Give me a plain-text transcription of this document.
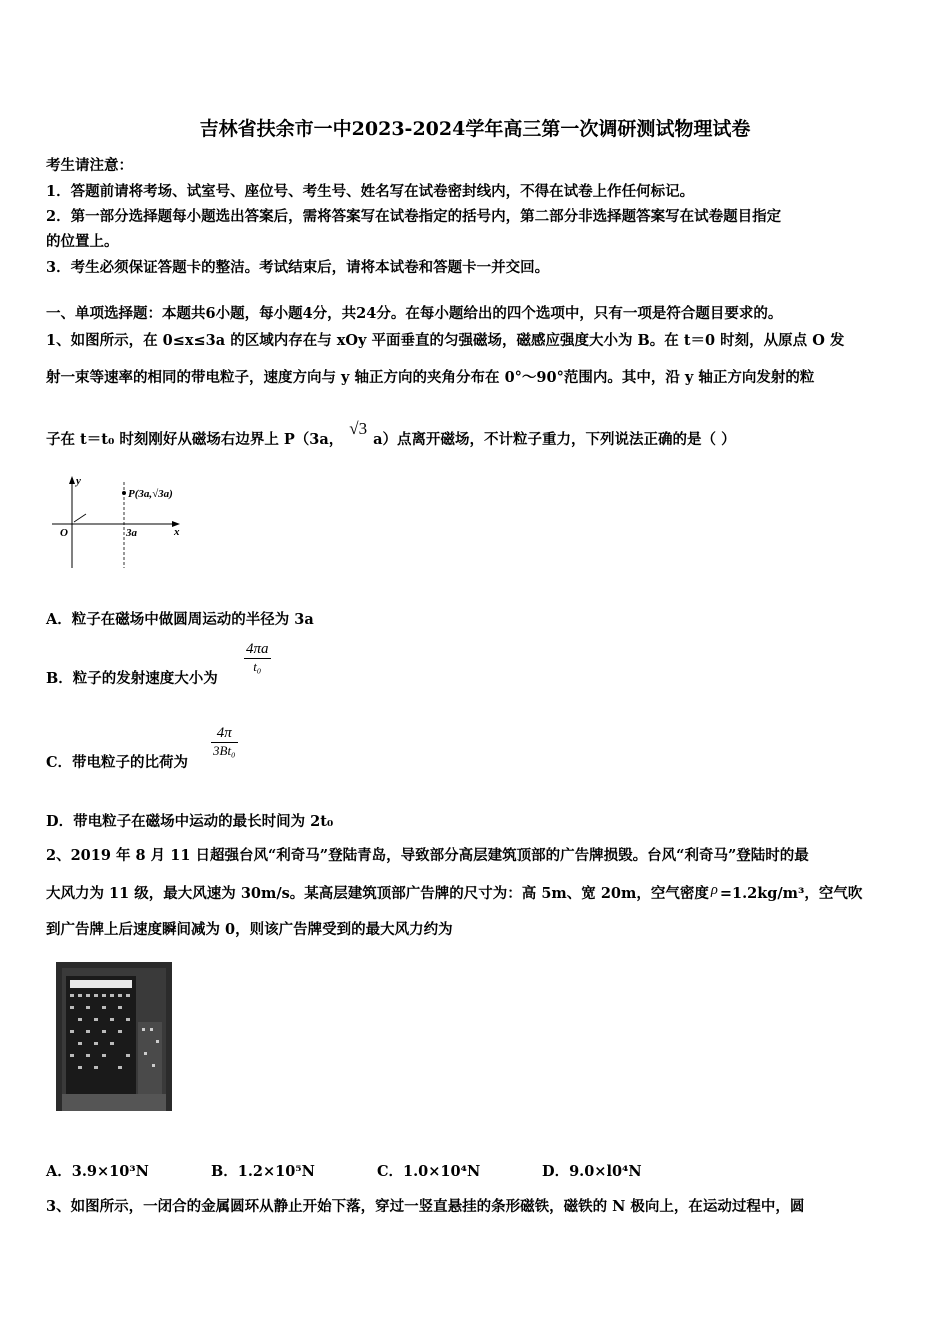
吉林省扶余市一中2023-2024学年高三第一次调研测试物理试卷
考生请注意：
1．答题前请将考场、试室号、座位号、考生号、姓名写在试卷密封线内，不得在试卷上作任何标记。
2．第一部分选择题每小题选出答案后，需将答案写在试卷指定的括号内，第二部分非选择题答案写在试卷题目指定
的位置上。
3．考生必须保证答题卡的整洁。考试结束后，请将本试卷和答题卡一并交回。
一、单项选择题：本题共6小题，每小题4分，共24分。在每小题给出的四个选项中，只有一项是符合题目要求的。
1、如图所示，在 0≤x≤3a 的区域内存在与 xOy 平面垂直的匀强磁场，磁感应强度大小为 B。在 t＝0 时刻，从原点 O 发
射一束等速率的相同的带电粒子，速度方向与 y 轴正方向的夹角分布在 0°～90°范围内。其中，沿 y 轴正方向发射的粒
子在 t＝t₀ 时刻刚好从磁场右边界上 P（3a，√3a）点离开磁场，不计粒子重力，下列说法正确的是（ ）
y
x
O	3a
P(3a,√3a)
A．粒子在磁场中做圆周运动的半径为 3a
B．粒子的发射速度大小为
$\frac{4\pi a}{\text{t₀}}$
C．带电粒子的比荷为
$\frac{4\pi}{\text{3Bt₀}}$
D．带电粒子在磁场中运动的最长时间为 2t₀
2、2019 年 8 月 11 日超强台风“利奇马”登陆青岛，导致部分高层建筑顶部的广告牌损毁。台风“利奇马”登陆时的最
大风力为 11 级，最大风速为 30m/s。某高层建筑顶部广告牌的尺寸为：高 5m、宽 20m，空气密度 ρ =1.2kg/m³，空气吹
到广告牌上后速度瞬间减为 0，则该广告牌受到的最大风力约为
A．3.9×10³N	B．1.2×10⁵N	C．1.0×10⁴N	D．9.0×l0⁴N
3、如图所示，一闭合的金属圆环从静止开始下落，穿过一竖直悬挂的条形磁铁，磁铁的 N 极向上，在运动过程中，圆
